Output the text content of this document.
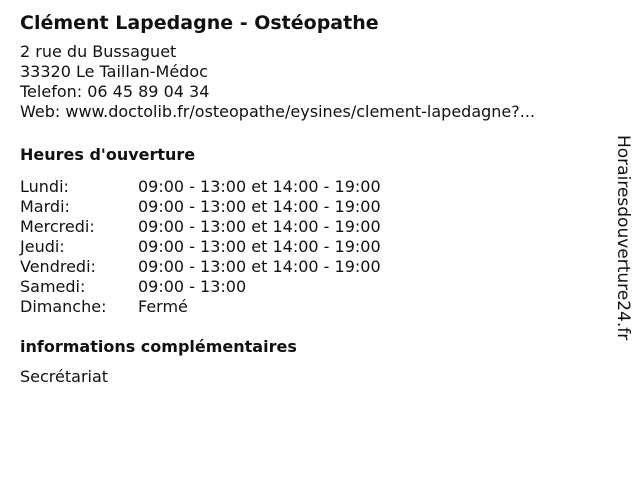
Clément Lapedagne - Ostéopathe
2 rue du Bussaguet
33320 Le Taillan-Médoc
Telefon: 06 45 89 04 34
Web: www.doctolib.fr/osteopathe/eysines/clement-lapedagne?...
Heures d'ouverture
Lundi:	09:00 - 13:00 et 14:00 - 19:00
Mardi:	09:00 - 13:00 et 14:00 - 19:00
Mercredi:	09:00 - 13:00 et 14:00 - 19:00
Jeudi:	09:00 - 13:00 et 14:00 - 19:00
Vendredi:	09:00 - 13:00 et 14:00 - 19:00
Samedi:	09:00 - 13:00
Dimanche:	Fermé
informations complémentaires
Secrétariat
Horairesdouverture24.fr
